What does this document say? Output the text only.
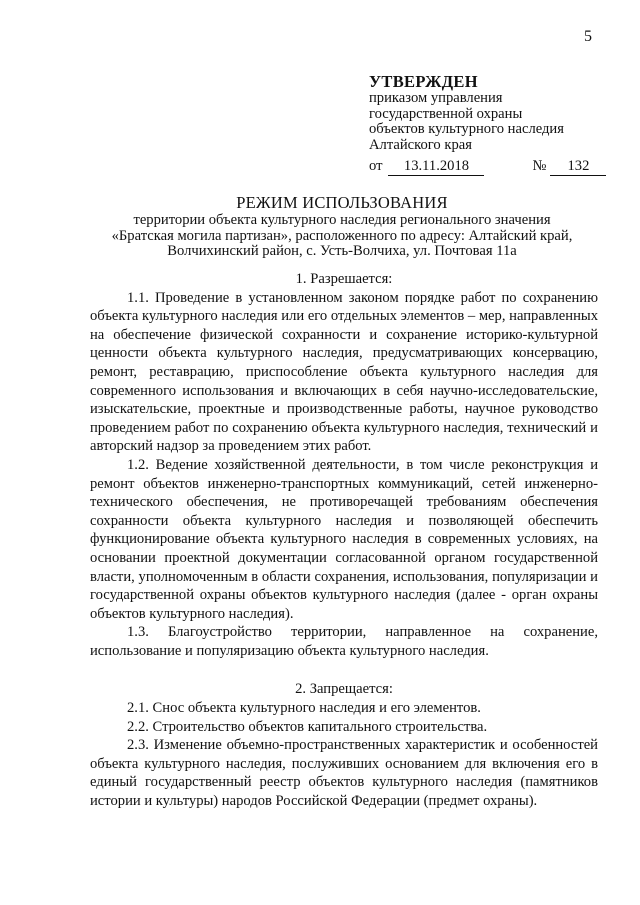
5
УТВЕРЖДЕН
приказом управления
государственной охраны
объектов культурного наследия
Алтайского края
от 13.11.2018	№ 132
РЕЖИМ ИСПОЛЬЗОВАНИЯ
территории объекта культурного наследия регионального значения
«Братская могила партизан», расположенного по адресу: Алтайский край,
Волчихинский район, с. Усть-Волчиха, ул. Почтовая 11а

1. Разрешается:

1.1. Проведение в установленном законом порядке работ по сохранению объекта культурного наследия или его отдельных элементов – мер, направленных на обеспечение физической сохранности и сохранение историко-культурной ценности объекта культурного наследия, предусматривающих консервацию, ремонт, реставрацию, приспособление объекта культурного наследия для современного использования и включающих в себя научно-исследовательские, изыскательские, проектные и производственные работы, научное руководство проведением работ по сохранению объекта культурного наследия, технический и авторский надзор за проведением этих работ.

1.2. Ведение хозяйственной деятельности, в том числе реконструкция и ремонт объектов инженерно-транспортных коммуникаций, сетей инженерно-технического обеспечения, не противоречащей требованиям обеспечения сохранности объекта культурного наследия и позволяющей обеспечить функционирование объекта культурного наследия в современных условиях, на основании проектной документации согласованной органом государственной власти, уполномоченным в области сохранения, использования, популяризации и государственной охраны объектов культурного наследия (далее - орган охраны объектов культурного наследия).

1.3. Благоустройство территории, направленное на сохранение, использование и популяризацию объекта культурного наследия.

2. Запрещается:

2.1. Снос объекта культурного наследия и его элементов.

2.2. Строительство объектов капитального строительства.

2.3. Изменение объемно-пространственных характеристик и особенностей объекта культурного наследия, послуживших основанием для включения его в единый государственный реестр объектов культурного наследия (памятников истории и культуры) народов Российской Федерации (предмет охраны).
